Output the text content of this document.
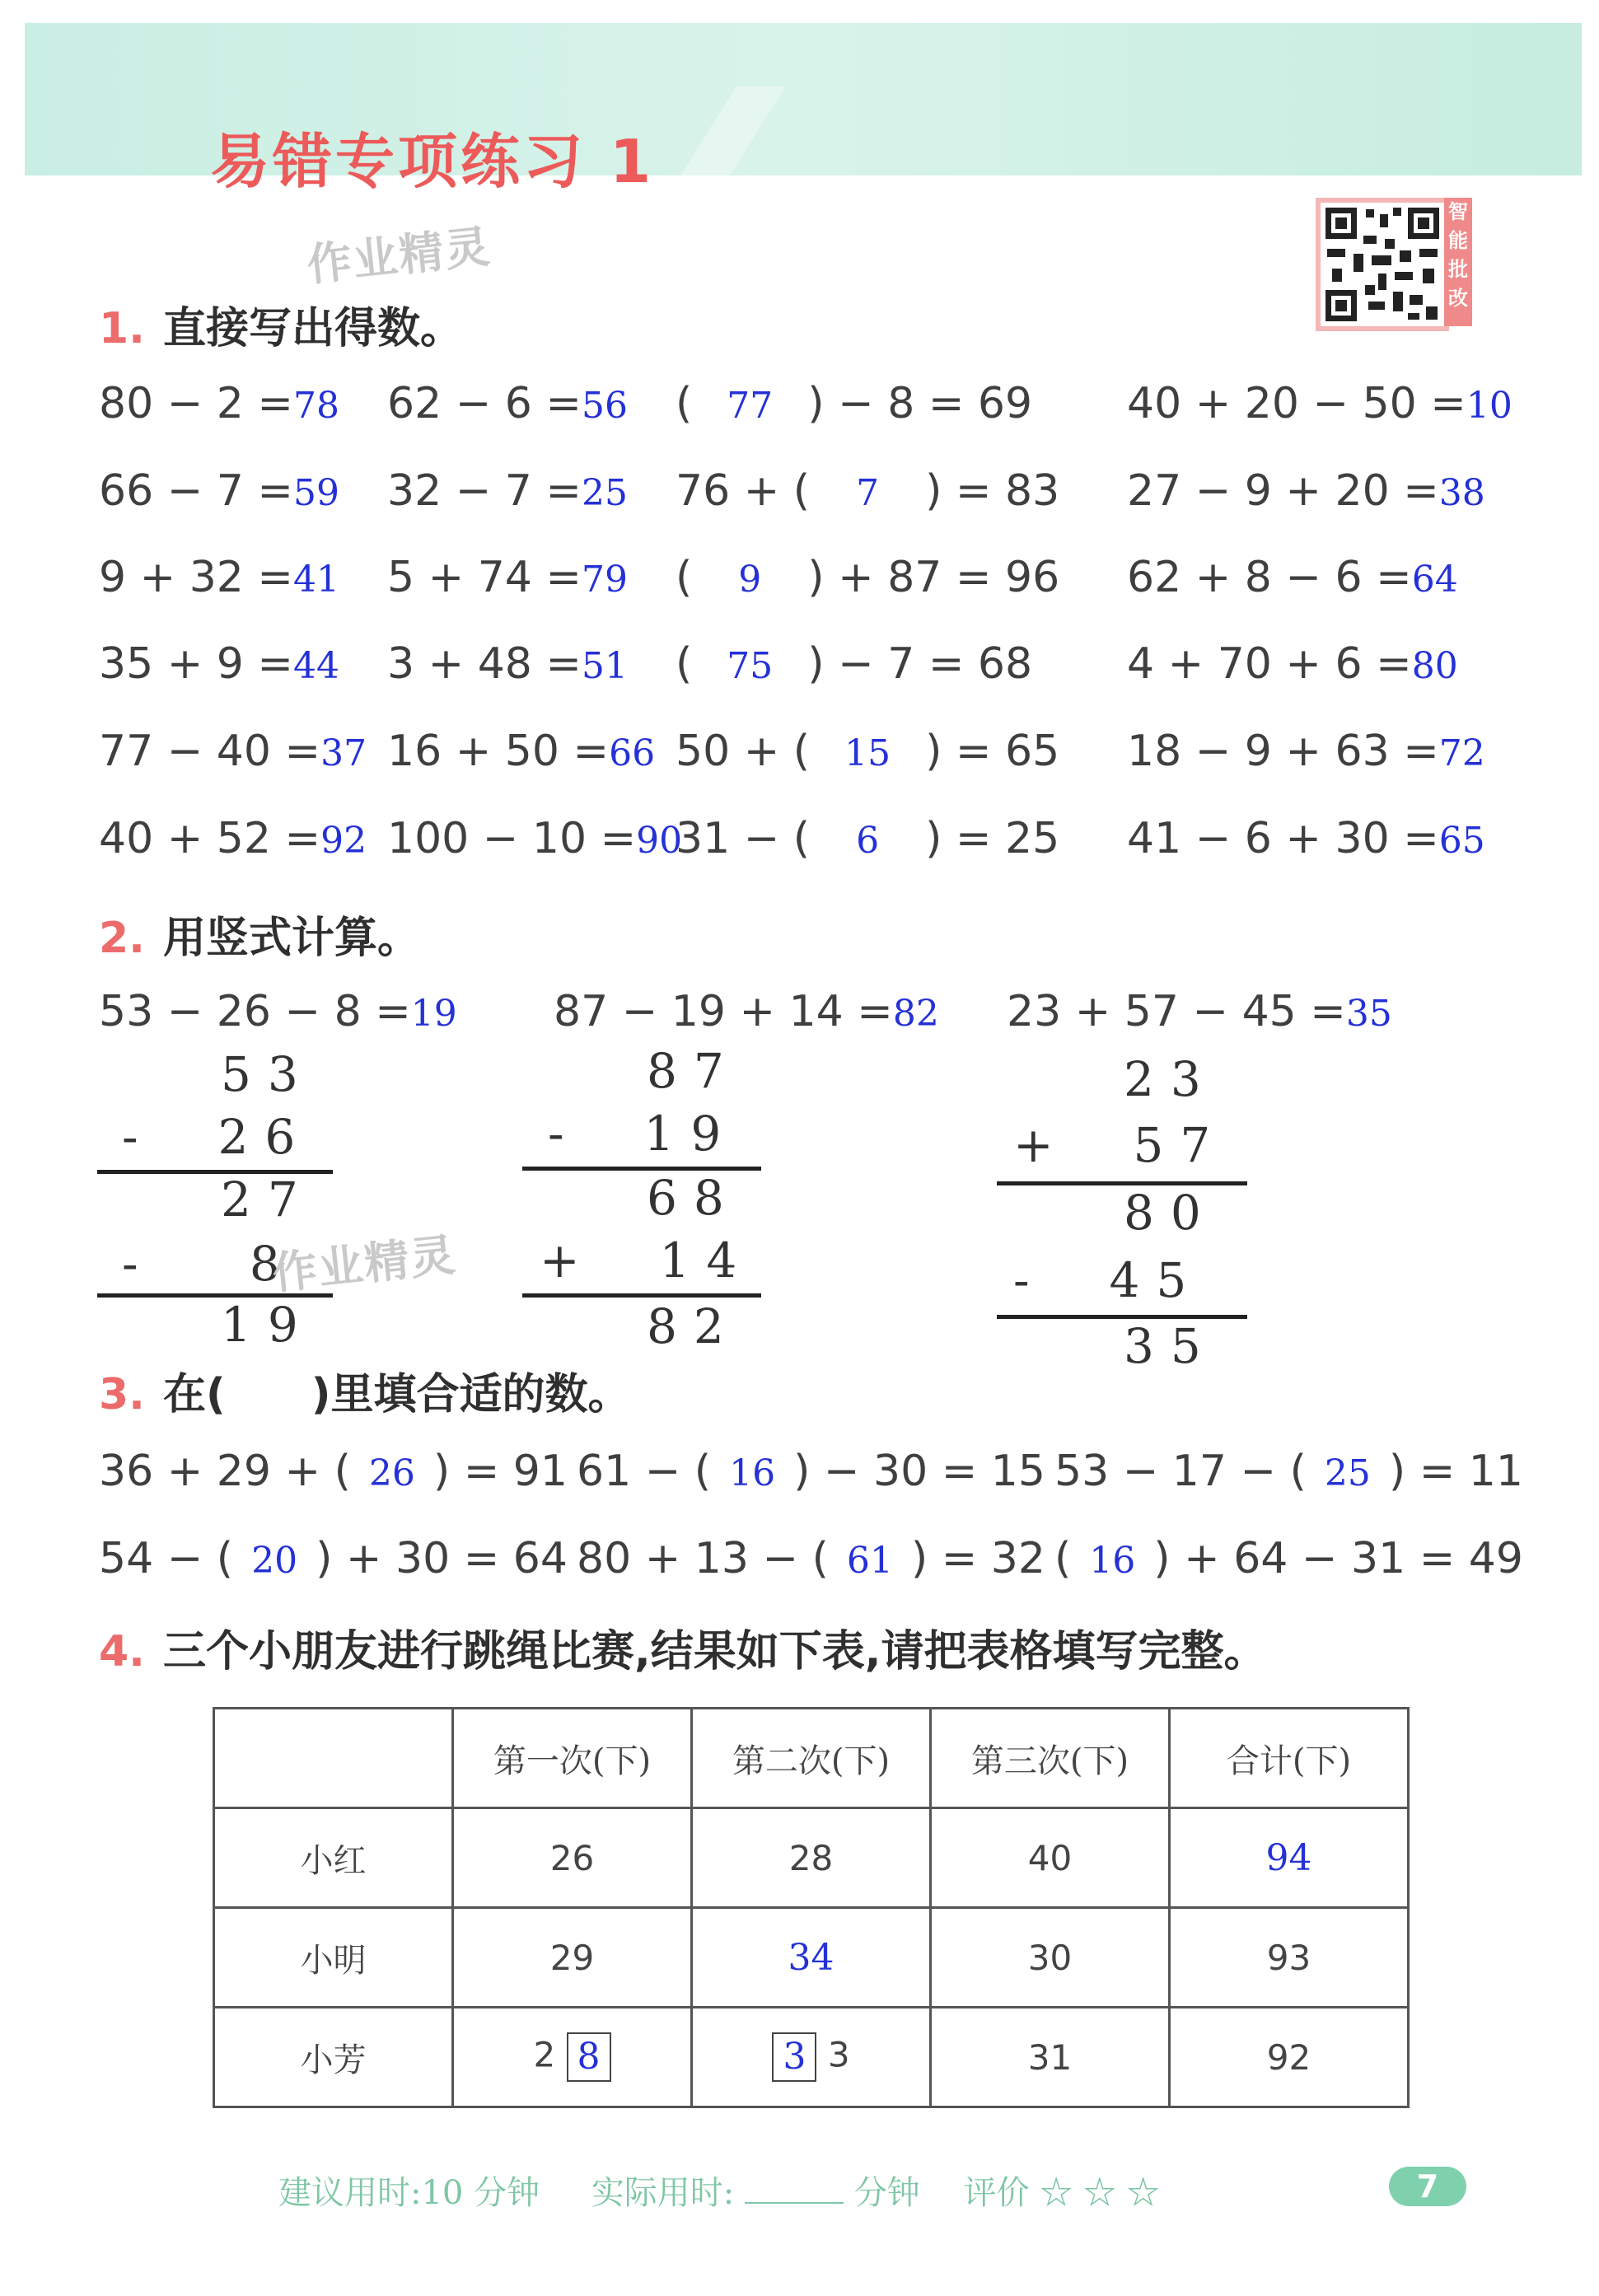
易错专项练习 1
作业精灵
智能批改
1. 直接写出得数。
80 − 2 =78 62 − 6 =56 ( 77 ) − 8 = 69 40 + 20 − 50 =10
66 − 7 =59 32 − 7 =25 76 + ( 7 ) = 83 27 − 9 + 20 =38
9 + 32 =41 5 + 74 =79 ( 9 ) + 87 = 96 62 + 8 − 6 =64
35 + 9 =44 3 + 48 =51 ( 75 ) − 7 = 68 4 + 70 + 6 =80
77 − 40 =37 16 + 50 =66 50 + ( 15 ) = 65 18 − 9 + 63 =72
40 + 52 =92 100 − 10 =90
31 − ( 6 ) = 25 41 − 6 + 30 =65
2. 用竖式计算。
53 − 26 − 8 =19 87 − 19 + 14 =82 23 + 57 − 45 =35
53
-  26
27
-   8
19
作业精灵
87
-  19
68
+  14
82
23
+  57
80
-  45
35
3. 在(　　)里填合适的数。
36 + 29 + ( 26 ) = 91 61 − ( 16 ) − 30 = 15 53 − 17 − ( 25 ) = 11
54 − ( 20 ) + 30 = 64 80 + 13 − ( 61 ) = 32 ( 16 ) + 64 − 31 = 49
4. 三个小朋友进行跳绳比赛,结果如下表,请把表格填写完整。
	第一次(下)	第二次(下)	第三次(下)	合计(下)
小红	26	28	40	94
小明	29	34	30	93
小芳	2 8	3 3	31	92
建议用时:10 分钟 实际用时:	分钟 评价 ☆ ☆ ☆	7
